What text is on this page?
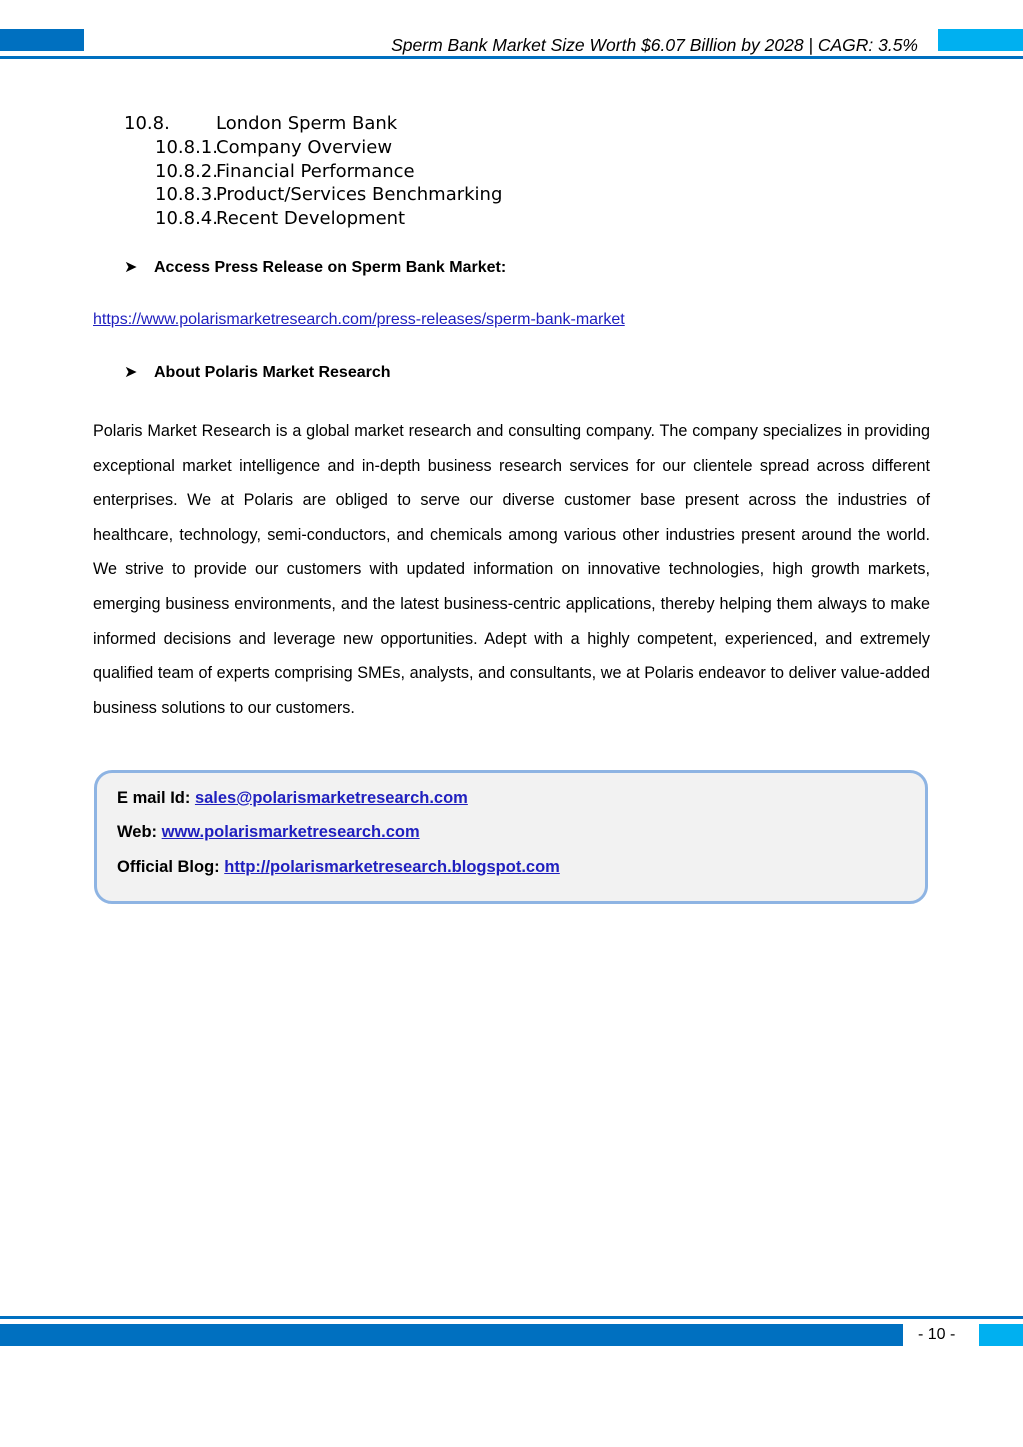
Sperm Bank Market Size Worth $6.07 Billion by 2028 | CAGR: 3.5%
10.8.	London Sperm Bank
10.8.1.
Company Overview
10.8.2.
Financial Performance
10.8.3.
Product/Services Benchmarking
10.8.4.
Recent Development
➤ Access Press Release on Sperm Bank Market:
https://www.polarismarketresearch.com/press-releases/sperm-bank-market
➤ About Polaris Market Research

Polaris Market Research is a global market research and consulting company. The company specializes in providing exceptional market intelligence and in-depth business research services for our clientele spread across different enterprises. We at Polaris are obliged to serve our diverse customer base present across the industries of healthcare, technology, semi-conductors, and chemicals among various other industries present around the world. We strive to provide our customers with updated information on innovative technologies, high growth markets, emerging business environments, and the latest business-centric applications, thereby helping them always to make informed decisions and leverage new opportunities. Adept with a highly competent, experienced, and extremely qualified team of experts comprising SMEs, analysts, and consultants, we at Polaris endeavor to deliver value-added business solutions to our customers.

E mail Id: sales@polarismarketresearch.com
Web: www.polarismarketresearch.com
Official Blog: http://polarismarketresearch.blogspot.com
- 10 -
